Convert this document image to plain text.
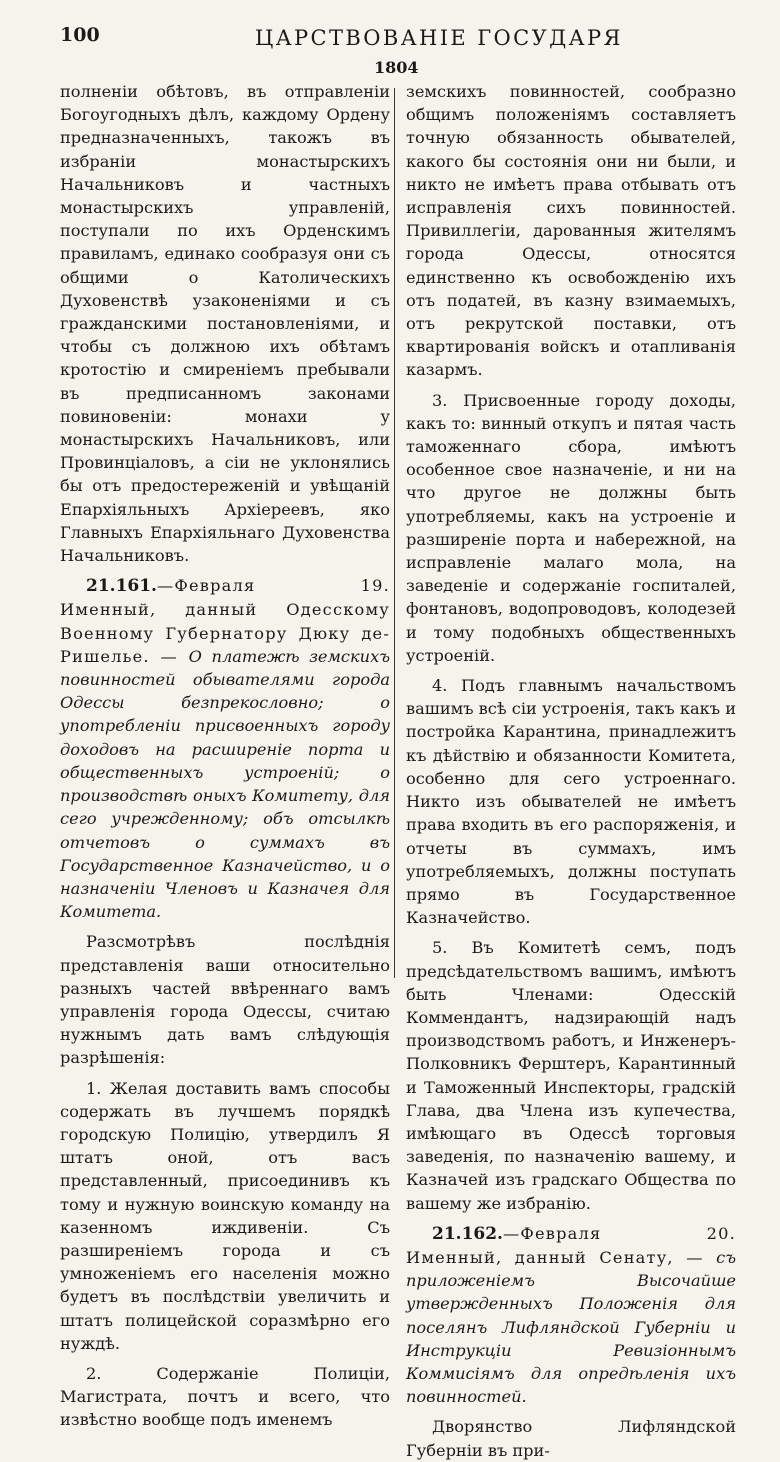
100	ЦАРСТВОВАНІЕ ГОСУДАРЯ
1804

полненіи обѣтовъ, въ отправленіи Богоугодныхъ дѣлъ, каждому Ордену предназначенныхъ, такожъ въ избраніи монастырскихъ Начальниковъ и частныхъ монастырскихъ управленій, поступали по ихъ Орденскимъ правиламъ, единако сообразуя они съ общими о Католическихъ Духовенствѣ узаконеніями и съ гражданскими постановленіями, и чтобы съ должною ихъ обѣтамъ кротостію и смиреніемъ пребывали въ предписанномъ законами повиновеніи: монахи у монастырскихъ Начальниковъ, или Провинціаловъ, а сіи не уклонялись бы отъ предостереженій и увѣщаній Епархіяльныхъ Архіереевъ, яко Главныхъ Епархіяльнаго Духовенства Начальниковъ.

21.161.—Февраля 19. Именный, данный Одесскому Военному Губернатору Дюку де-Ришелье. — О платежѣ земскихъ повинностей обывателями города Одессы безпрекословно; о употребленіи присвоенныхъ городу доходовъ на расширеніе порта и общественныхъ устроеній; о производствѣ оныхъ Комитету, для сего учрежденному; объ отсылкѣ отчетовъ о суммахъ въ Государственное Казначейство, и о назначеніи Членовъ и Казначея для Комитета.

Разсмотрѣвъ послѣднія представленія ваши относительно разныхъ частей ввѣреннаго вамъ управленія города Одессы, считаю нужнымъ дать вамъ слѣдующія разрѣшенія:

1. Желая доставить вамъ способы содержать въ лучшемъ порядкѣ городскую Полицію, утвердилъ Я штатъ оной, отъ васъ представленный, присоединивъ къ тому и нужную воинскую команду на казенномъ иждивеніи. Съ разширеніемъ города и съ умноженіемъ его населенія можно будетъ въ послѣдствіи увеличить и штатъ полицейской соразмѣрно его нуждѣ.

2. Содержаніе Полиціи, Магистрата, почтъ и всего, что извѣстно вообще подъ именемъ

земскихъ повинностей, сообразно общимъ положеніямъ составляетъ точную обязанность обывателей, какого бы состоянія они ни были, и никто не имѣетъ права отбывать отъ исправленія сихъ повинностей. Привиллегіи, дарованныя жителямъ города Одессы, относятся единственно къ освобожденію ихъ отъ податей, въ казну взимаемыхъ, отъ рекрутской поставки, отъ квартированія войскъ и отапливанія казармъ.

3. Присвоенные городу доходы, какъ то: винный откупъ и пятая часть таможеннаго сбора, имѣютъ особенное свое назначеніе, и ни на что другое не должны быть употребляемы, какъ на устроеніе и разширеніе порта и набережной, на исправленіе малаго мола, на заведеніе и содержаніе госпиталей, фонтановъ, водопроводовъ, колодезей и тому подобныхъ общественныхъ устроеній.

4. Подъ главнымъ начальствомъ вашимъ всѣ сіи устроенія, такъ какъ и постройка Карантина, принадлежитъ къ дѣйствію и обязанности Комитета, особенно для сего устроеннаго. Никто изъ обывателей не имѣетъ права входить въ его распоряженія, и отчеты въ суммахъ, имъ употребляемыхъ, должны поступать прямо въ Государственное Казначейство.

5. Въ Комитетѣ семъ, подъ предсѣдательствомъ вашимъ, имѣютъ быть Членами: Одесскій Коммендантъ, надзирающій надъ производствомъ работъ, и Инженеръ-Полковникъ Ферштеръ, Карантинный и Таможенный Инспекторы, градскій Глава, два Члена изъ купечества, имѣющаго въ Одессѣ торговыя заведенія, по назначенію вашему, и Казначей изъ градскаго Общества по вашему же избранію.

21.162.—Февраля 20. Именный, данный Сенату, — съ приложеніемъ Высочайше утвержденныхъ Положенія для поселянъ Лифляндской Губерніи и Инструкціи Ревизіоннымъ Коммисіямъ для опредѣленія ихъ повинностей.

Дворянство Лифляндской Губерніи въ при-
